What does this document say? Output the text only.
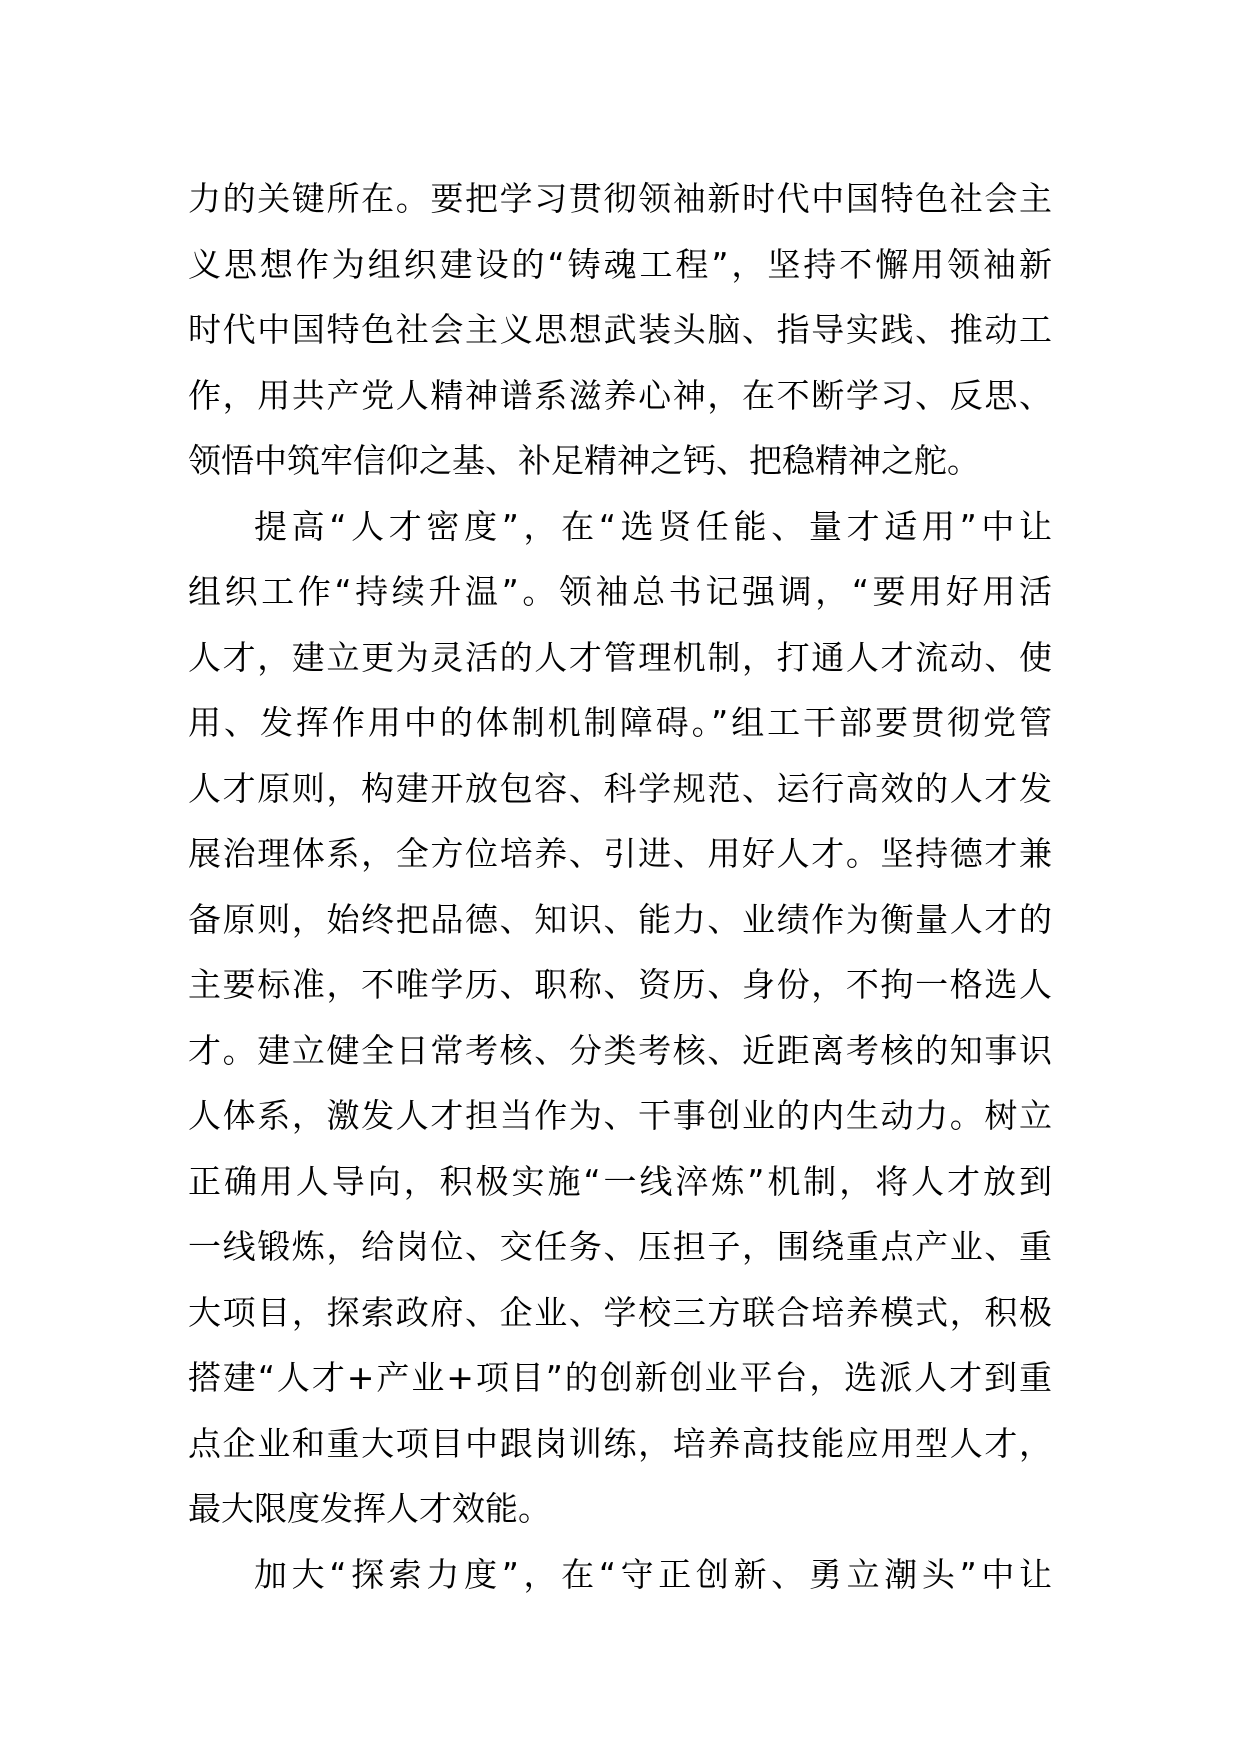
力的关键所在。要把学习贯彻领袖新时代中国特色社会主
义思想作为组织建设的“铸魂工程”，坚持不懈用领袖新
时代中国特色社会主义思想武装头脑、指导实践、推动工
作，用共产党人精神谱系滋养心神，在不断学习、反思、
领悟中筑牢信仰之基、补足精神之钙、把稳精神之舵。
提高“人才密度”，在“选贤任能、量才适用”中让
组织工作“持续升温”。领袖总书记强调，“要用好用活
人才，建立更为灵活的人才管理机制，打通人才流动、使
用、发挥作用中的体制机制障碍。”组工干部要贯彻党管
人才原则，构建开放包容、科学规范、运行高效的人才发
展治理体系，全方位培养、引进、用好人才。坚持德才兼
备原则，始终把品德、知识、能力、业绩作为衡量人才的
主要标准，不唯学历、职称、资历、身份，不拘一格选人
才。建立健全日常考核、分类考核、近距离考核的知事识
人体系，激发人才担当作为、干事创业的内生动力。树立
正确用人导向，积极实施“一线淬炼”机制，将人才放到
一线锻炼，给岗位、交任务、压担子，围绕重点产业、重
大项目，探索政府、企业、学校三方联合培养模式，积极
搭建“人才+产业+项目”的创新创业平台，选派人才到重
点企业和重大项目中跟岗训练，培养高技能应用型人才，
最大限度发挥人才效能。
加大“探索力度”，在“守正创新、勇立潮头”中让
